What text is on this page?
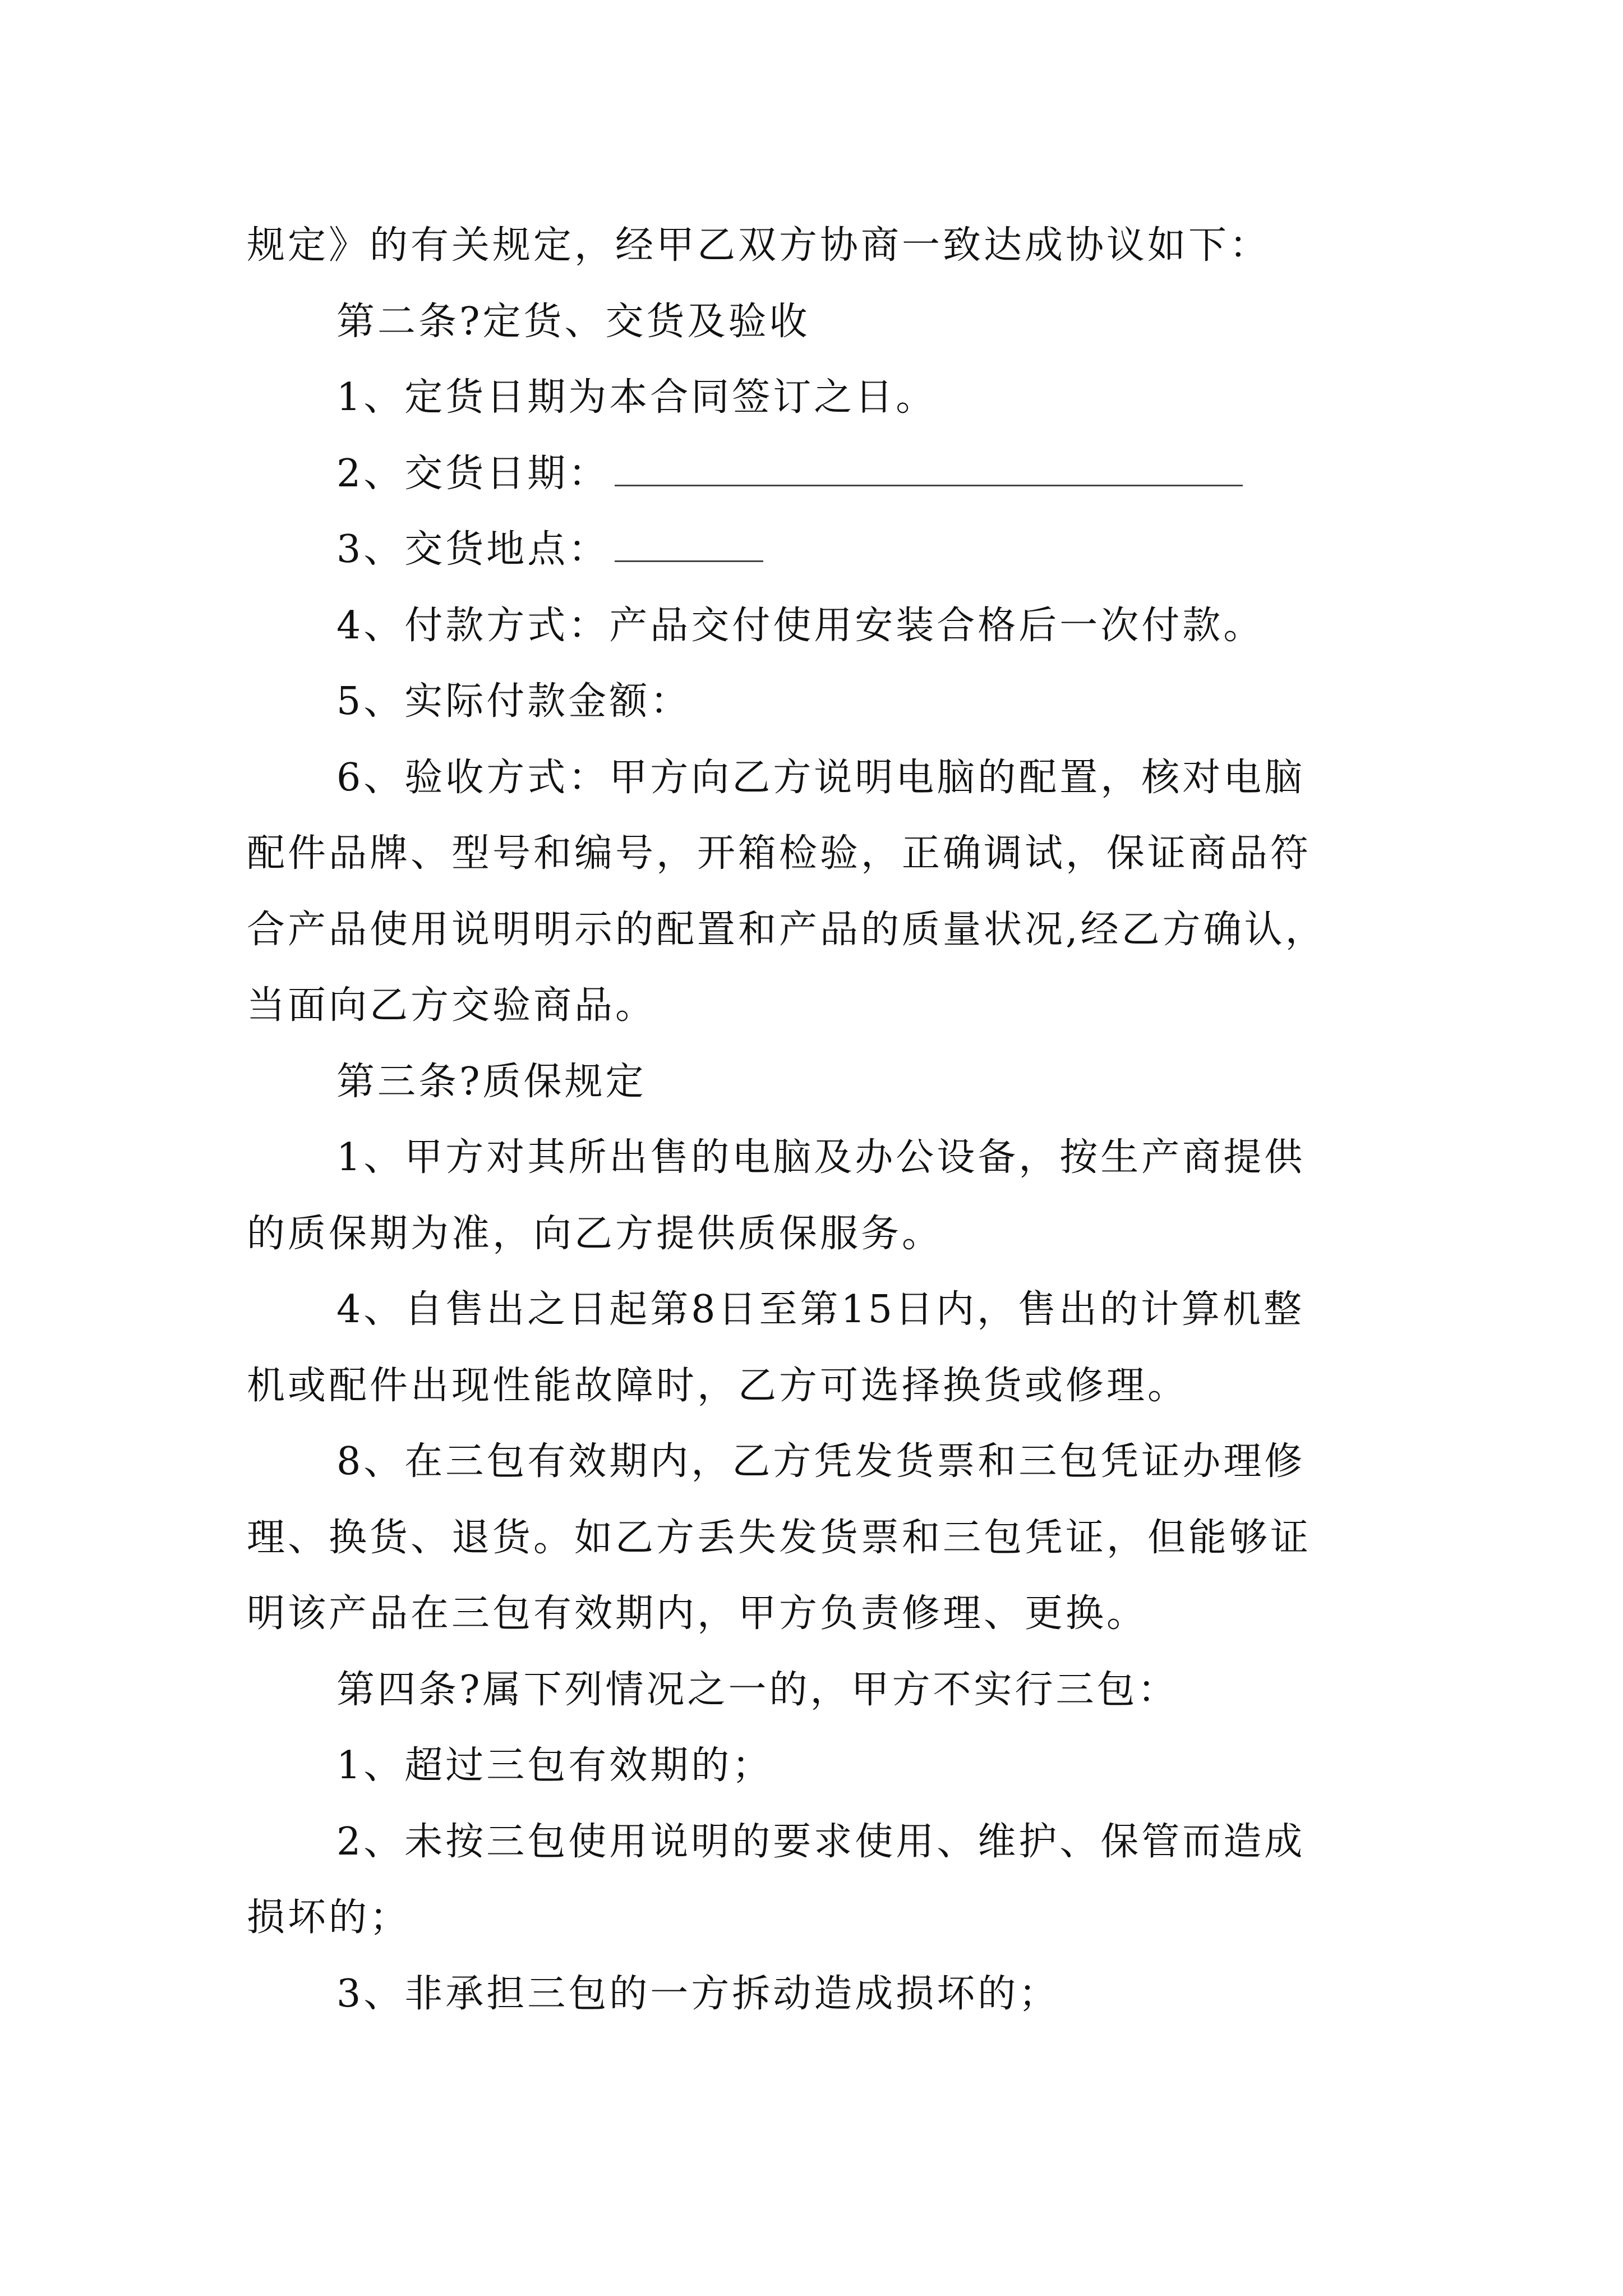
规定》的有关规定，经甲乙双方协商一致达成协议如下：
第二条?定货、交货及验收
1、定货日期为本合同签订之日。
2、交货日期：
3、交货地点：
4、付款方式：产品交付使用安装合格后一次付款。
5、实际付款金额：
6、验收方式：甲方向乙方说明电脑的配置，核对电脑
配件品牌、型号和编号，开箱检验，正确调试，保证商品符
合产品使用说明明示的配置和产品的质量状况,经乙方确认，
当面向乙方交验商品。
第三条?质保规定
1、甲方对其所出售的电脑及办公设备，按生产商提供
的质保期为准，向乙方提供质保服务。
4、自售出之日起第8日至第15日内，售出的计算机整
机或配件出现性能故障时，乙方可选择换货或修理。
8、在三包有效期内，乙方凭发货票和三包凭证办理修
理、换货、退货。如乙方丢失发货票和三包凭证，但能够证
明该产品在三包有效期内，甲方负责修理、更换。
第四条?属下列情况之一的，甲方不实行三包：
1、超过三包有效期的；
2、未按三包使用说明的要求使用、维护、保管而造成
损坏的；
3、非承担三包的一方拆动造成损坏的；
